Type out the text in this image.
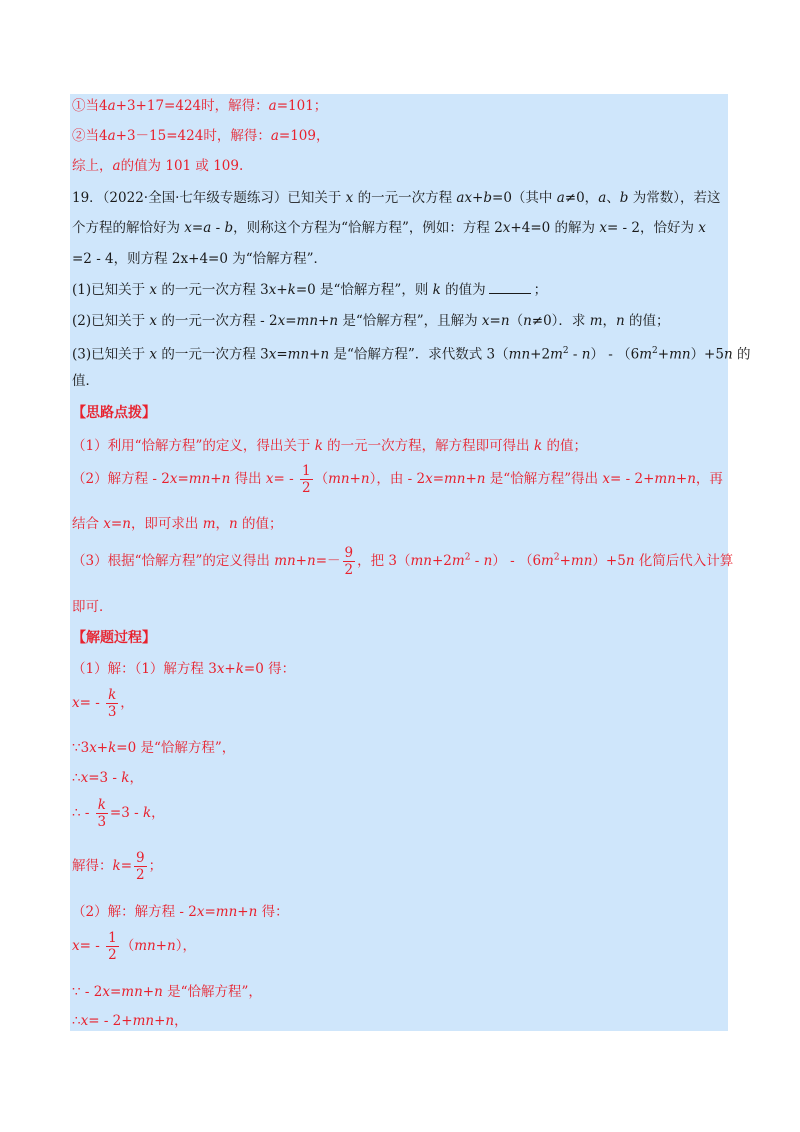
①当4a+3+17=424时，解得：a=101；
②当4a+3－15=424时，解得：a=109，
综上，a的值为 101 或 109.
19．（2022·全国·七年级专题练习）已知关于 x 的一元一次方程 ax+b=0（其中 a≠0，a、b 为常数），若这
个方程的解恰好为 x=a - b，则称这个方程为“恰解方程”，例如：方程 2x+4=0 的解为 x= - 2，恰好为 x
=2 - 4，则方程 2x+4=0 为“恰解方程”．
(1)已知关于 x 的一元一次方程 3x+k=0 是“恰解方程”，则 k 的值为	；
(2)已知关于 x 的一元一次方程 - 2x=mn+n 是“恰解方程”，且解为 x=n（n≠0）．求 m，n 的值；
(3)已知关于 x 的一元一次方程 3x=mn+n 是“恰解方程”．求代数式 $3(mn+2m^2 - n) - (6m^2+mn)+5n$ 的
值．
【思路点拨】
（1）利用“恰解方程”的定义，得出关于 k 的一元一次方程，解方程即可得出 k 的值；
（2）解方程 - 2x=mn+n 得出 $x= - \frac{1}{2} (mn+n)$，由 - 2x=mn+n 是“恰解方程”得出 x= - 2+mn+n，再
结合 x=n，即可求出 m，n 的值；
（3）根据“恰解方程”的定义得出 $mn+n=- \frac{9}{2}$ ，把 $3(mn+2m^2 - n) - (6m^2+mn)+5n$ 化简后代入计算
即可．
【解题过程】
（1）解：（1）解方程 3x+k=0 得：
$x= - \frac{k}{3}$ ，
∵3x+k=0 是“恰解方程”，
∴x=3 - k，
∴ - $\frac{k}{3} =3 - k$，
解得：$k= \frac{9}{2}$ ；
（2）解：解方程 - 2x=mn+n 得：
$x= - \frac{1}{2} (mn+n)$，
∵ - 2x=mn+n 是“恰解方程”，
∴x= - 2+mn+n，
